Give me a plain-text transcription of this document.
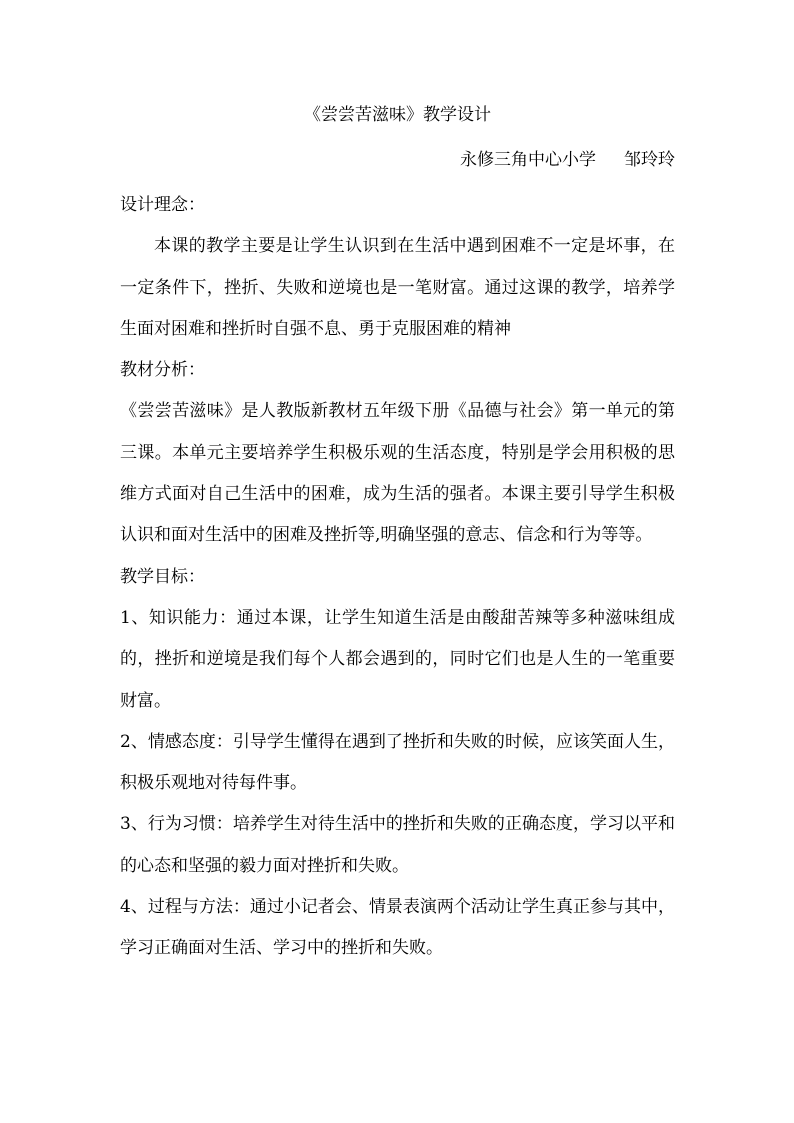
《尝尝苦滋味》教学设计
永修三角中心小学 邹玲玲

设计理念：

本课的教学主要是让学生认识到在生活中遇到困难不一定是坏事，在一定条件下，挫折、失败和逆境也是一笔财富。通过这课的教学，培养学生面对困难和挫折时自强不息、勇于克服困难的精神

教材分析：

《尝尝苦滋味》是人教版新教材五年级下册《品德与社会》第一单元的第三课。本单元主要培养学生积极乐观的生活态度，特别是学会用积极的思维方式面对自己生活中的困难，成为生活的强者。本课主要引导学生积极认识和面对生活中的困难及挫折等,明确坚强的意志、信念和行为等等。

教学目标：

1、知识能力：通过本课，让学生知道生活是由酸甜苦辣等多种滋味组成的，挫折和逆境是我们每个人都会遇到的，同时它们也是人生的一笔重要财富。

2、情感态度：引导学生懂得在遇到了挫折和失败的时候，应该笑面人生，积极乐观地对待每件事。

3、行为习惯：培养学生对待生活中的挫折和失败的正确态度，学习以平和的心态和坚强的毅力面对挫折和失败。

4、过程与方法：通过小记者会、情景表演两个活动让学生真正参与其中，学习正确面对生活、学习中的挫折和失败。
